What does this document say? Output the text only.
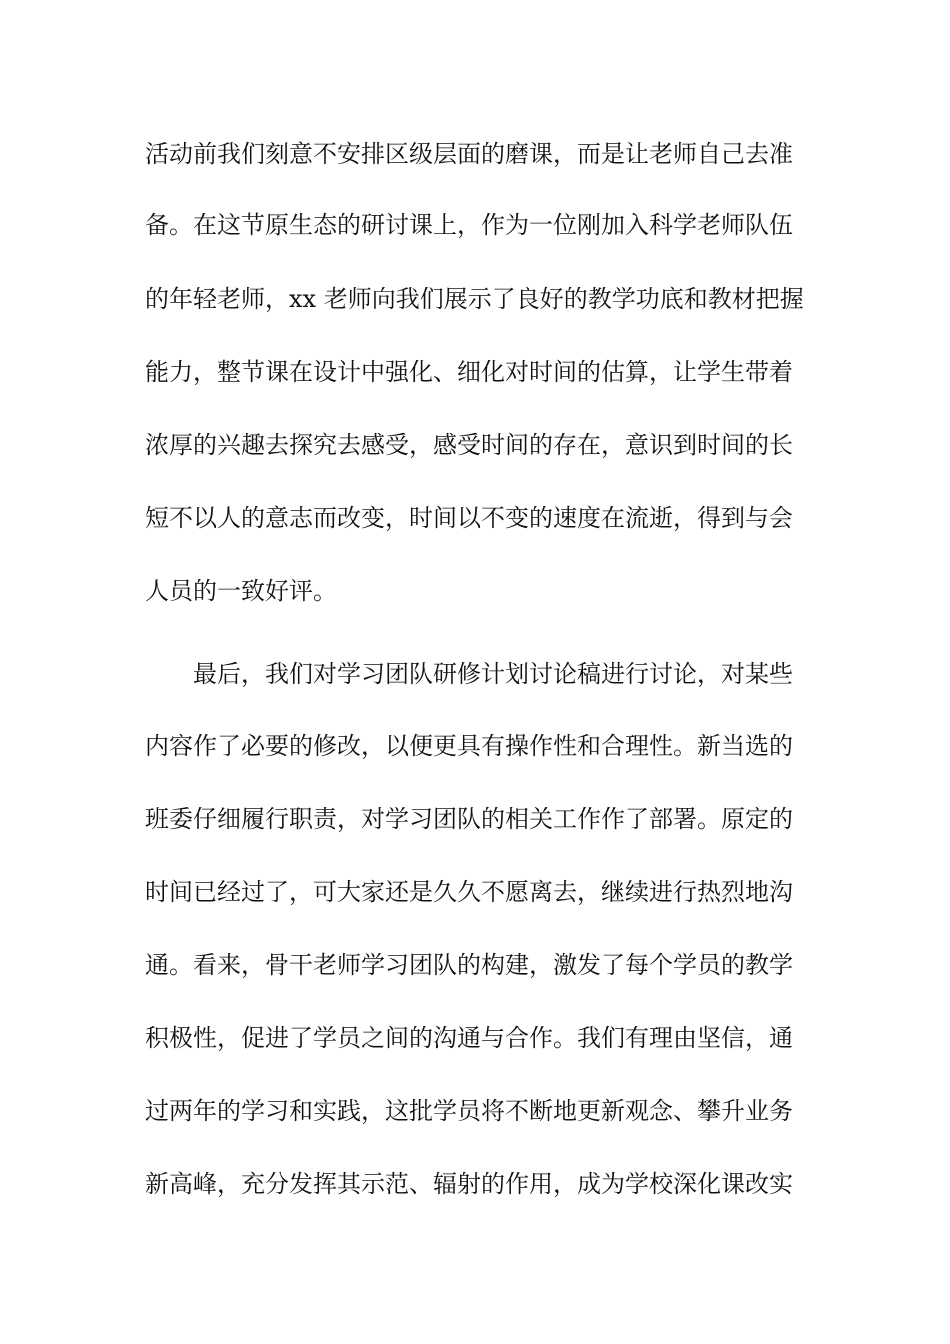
活动前我们刻意不安排区级层面的磨课，而是让老师自己去准
备。在这节原生态的研讨课上，作为一位刚加入科学老师队伍
的年轻老师，xx 老师向我们展示了良好的教学功底和教材把握
能力，整节课在设计中强化、细化对时间的估算，让学生带着
浓厚的兴趣去探究去感受，感受时间的存在，意识到时间的长
短不以人的意志而改变，时间以不变的速度在流逝，得到与会
人员的一致好评。
　　最后，我们对学习团队研修计划讨论稿进行讨论，对某些
内容作了必要的修改，以便更具有操作性和合理性。新当选的
班委仔细履行职责，对学习团队的相关工作作了部署。原定的
时间已经过了，可大家还是久久不愿离去，继续进行热烈地沟
通。看来，骨干老师学习团队的构建，激发了每个学员的教学
积极性，促进了学员之间的沟通与合作。我们有理由坚信，通
过两年的学习和实践，这批学员将不断地更新观念、攀升业务
新高峰，充分发挥其示范、辐射的作用，成为学校深化课改实
